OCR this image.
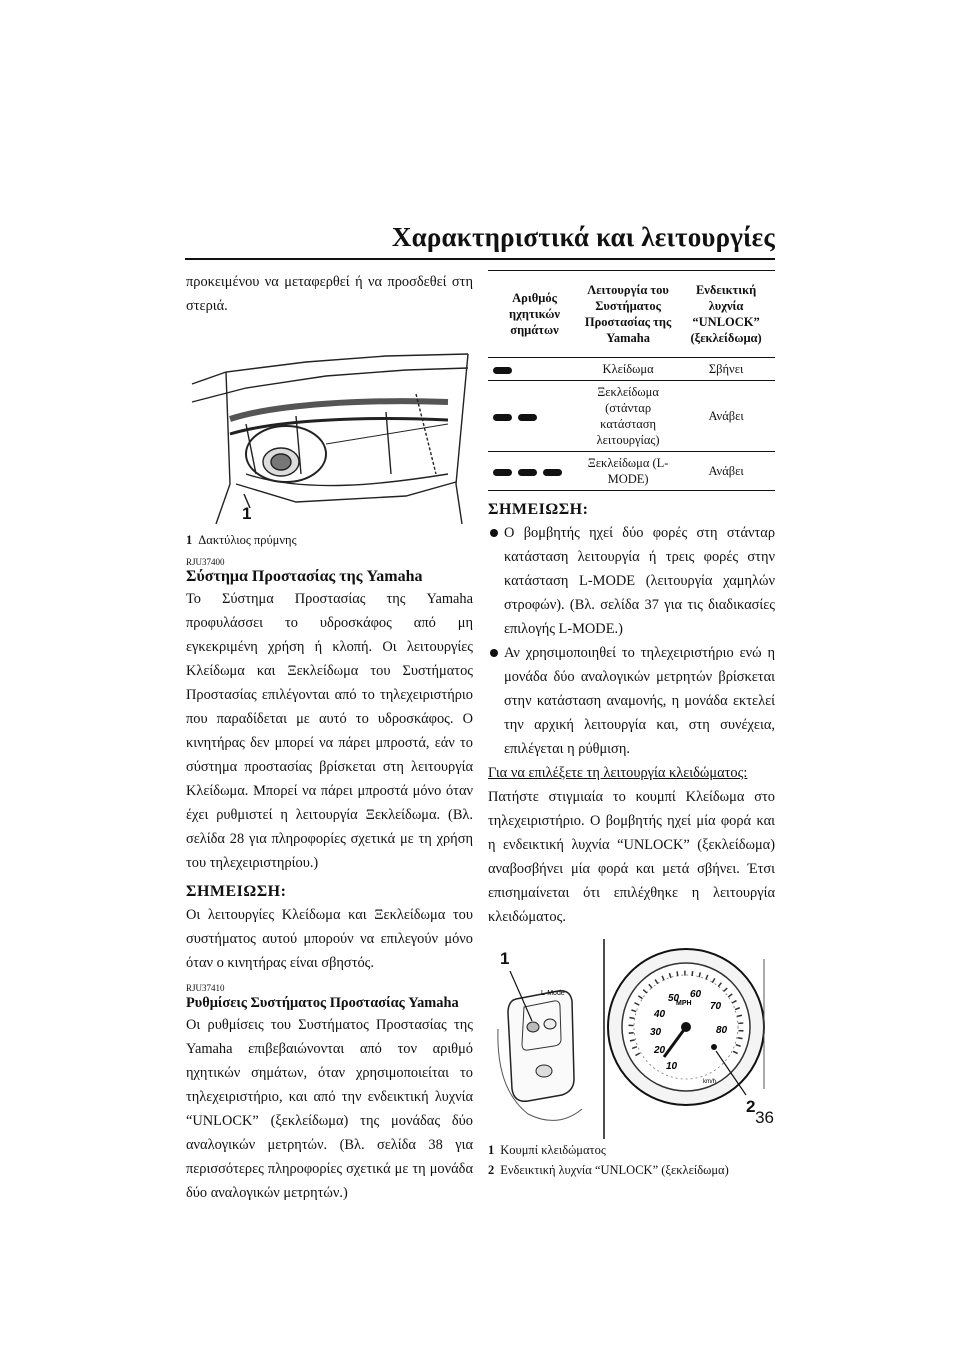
Χαρακτηριστικά και λειτουργίες

προκειμένου να μεταφερθεί ή να προσδεθεί στη στεριά.

1
1 Δακτύλιος πρύμνης
RJU37400
Σύστημα Προστασίας της Yamaha

Το Σύστημα Προστασίας της Yamaha προφυλάσσει το υδροσκάφος από μη εγκεκριμένη χρήση ή κλοπή. Οι λειτουργίες Κλείδωμα και Ξεκλείδωμα του Συστήματος Προστασίας επιλέγονται από το τηλεχειριστήριο που παραδίδεται με αυτό το υδροσκάφος. Ο κινητήρας δεν μπορεί να πάρει μπροστά, εάν το σύστημα προστασίας βρίσκεται στη λειτουργία Κλείδωμα. Μπορεί να πάρει μπροστά μόνο όταν έχει ρυθμιστεί η λειτουργία Ξεκλείδωμα. (Βλ. σελίδα 28 για πληροφορίες σχετικά με τη χρήση του τηλεχειριστηρίου.)

ΣΗΜΕΙΩΣΗ:

Οι λειτουργίες Κλείδωμα και Ξεκλείδωμα του συστήματος αυτού μπορούν να επιλεγούν μόνο όταν ο κινητήρας είναι σβηστός.

RJU37410
Ρυθμίσεις Συστήματος Προστασίας Yamaha

Οι ρυθμίσεις του Συστήματος Προστασίας της Yamaha επιβεβαιώνονται από τον αριθμό ηχητικών σημάτων, όταν χρησιμοποιείται το τηλεχειριστήριο, και από την ενδεικτική λυχνία “UNLOCK” (ξεκλείδωμα) της μονάδας δύο αναλογικών μετρητών. (Βλ. σελίδα 38 για περισσότερες πληροφορίες σχετικά με τη μονάδα δύο αναλογικών μετρητών.)

Αριθμός ηχητικών σημάτων	Λειτουργία του Συστήματος Προστασίας της Yamaha	Ενδεικτική λυχνία “UNLOCK” (ξεκλείδωμα)
	Κλείδωμα	Σβήνει
	Ξεκλείδωμα (στάνταρ κατάσταση λειτουργίας)	Ανάβει
	Ξεκλείδωμα (L-MODE)	Ανάβει
ΣΗΜΕΙΩΣΗ:

Ο βομβητής ηχεί δύο φορές στη στάνταρ κατάσταση λειτουργία ή τρεις φορές στην κατάσταση L-MODE (λειτουργία χαμηλών στροφών). (Βλ. σελίδα 37 για τις διαδικασίες επιλογής L-MODE.)

Αν χρησιμοποιηθεί το τηλεχειριστήριο ενώ η μονάδα δύο αναλογικών μετρητών βρίσκεται στην κατάσταση αναμονής, η μονάδα εκτελεί την αρχική λειτουργία και, στη συνέχεια, επιλέγεται η ρύθμιση.

Για να επιλέξετε τη λειτουργία κλειδώματος:

Πατήστε στιγμιαία το κουμπί Κλείδωμα στο τηλεχειριστήριο. Ο βομβητής ηχεί μία φορά και η ενδεικτική λυχνία “UNLOCK” (ξεκλείδωμα) αναβοσβήνει μία φορά και μετά σβήνει. Έτσι επισημαίνεται ότι επιλέχθηκε η λειτουργία κλειδώματος.

L-Mode
MPH
km/h
10
20
30
40
50 60
70
80
1
2
1 Κουμπί κλειδώματος
2 Ενδεικτική λυχνία “UNLOCK” (ξεκλείδωμα)
36
